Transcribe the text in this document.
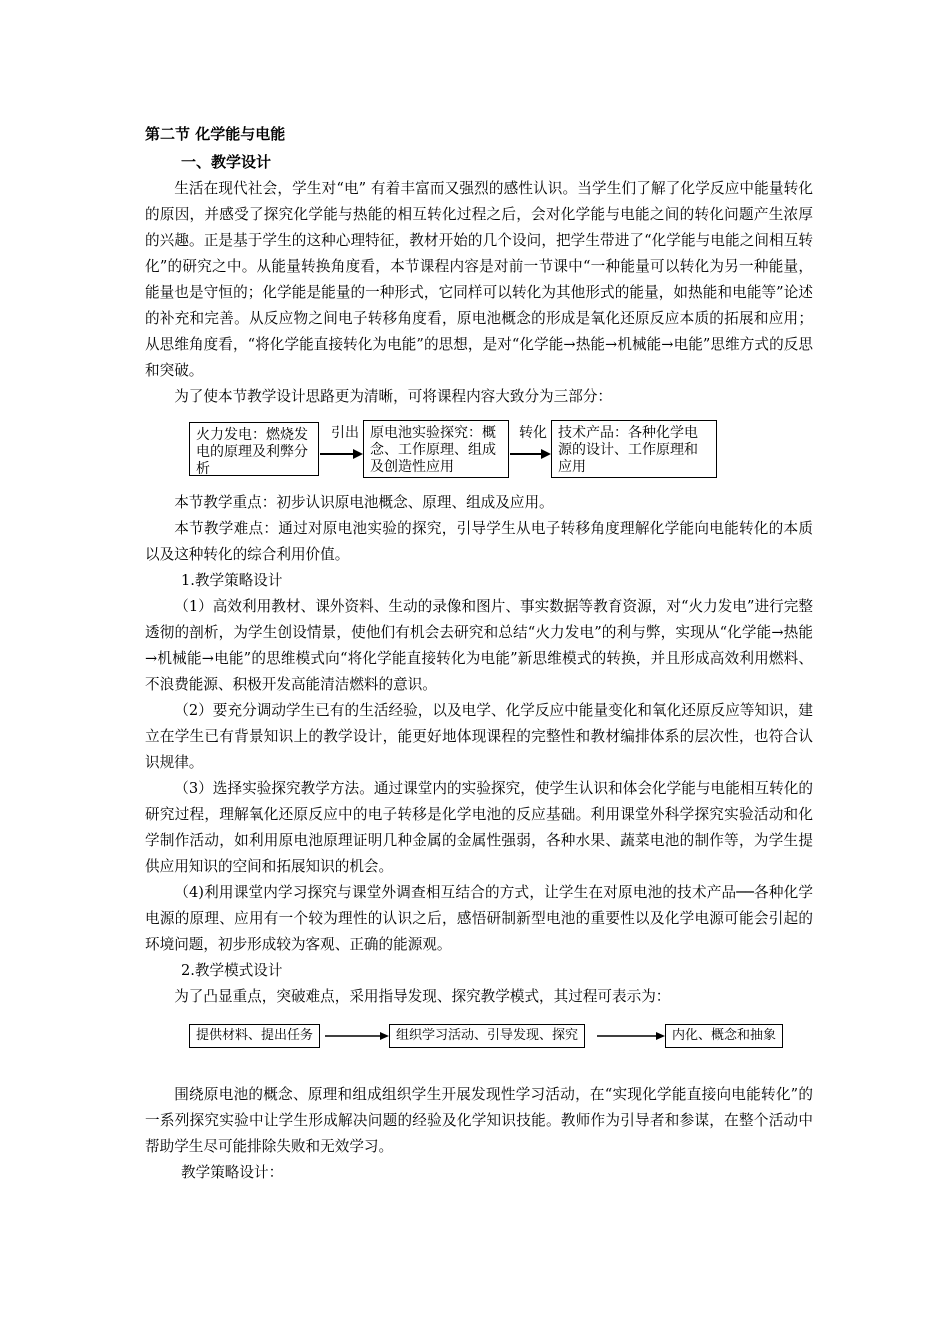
第二节 化学能与电能
一、教学设计

生活在现代社会，学生对“电” 有着丰富而又强烈的感性认识。当学生们了解了化学反应中能量转化的原因，并感受了探究化学能与热能的相互转化过程之后，会对化学能与电能之间的转化问题产生浓厚的兴趣。正是基于学生的这种心理特征，教材开始的几个设问，把学生带进了“化学能与电能之间相互转化”的研究之中。从能量转换角度看，本节课程内容是对前一节课中“一种能量可以转化为另一种能量，能量也是守恒的；化学能是能量的一种形式，它同样可以转化为其他形式的能量，如热能和电能等”论述的补充和完善。从反应物之间电子转移角度看，原电池概念的形成是氧化还原反应本质的拓展和应用；从思维角度看，“将化学能直接转化为电能”的思想，是对“化学能→热能→机械能→电能”思维方式的反思和突破。

为了使本节教学设计思路更为清晰，可将课程内容大致分为三部分：

火力发电：燃烧发电的原理及利弊分析
引出 原电池实验探究：概念、工作原理、组成及创造性应用
转化 技术产品：各种化学电源的设计、工作原理和应用

本节教学重点：初步认识原电池概念、原理、组成及应用。

本节教学难点：通过对原电池实验的探究，引导学生从电子转移角度理解化学能向电能转化的本质以及这种转化的综合利用价值。

1.教学策略设计

（1）高效利用教材、课外资料、生动的录像和图片、事实数据等教育资源，对“火力发电”进行完整透彻的剖析，为学生创设情景，使他们有机会去研究和总结“火力发电”的利与弊，实现从“化学能→热能→机械能→电能”的思维模式向“将化学能直接转化为电能”新思维模式的转换，并且形成高效利用燃料、不浪费能源、积极开发高能清洁燃料的意识。

（2）要充分调动学生已有的生活经验，以及电学、化学反应中能量变化和氧化还原反应等知识，建立在学生已有背景知识上的教学设计，能更好地体现课程的完整性和教材编排体系的层次性，也符合认识规律。

（3）选择实验探究教学方法。通过课堂内的实验探究，使学生认识和体会化学能与电能相互转化的研究过程，理解氧化还原反应中的电子转移是化学电池的反应基础。利用课堂外科学探究实验活动和化学制作活动，如利用原电池原理证明几种金属的金属性强弱，各种水果、蔬菜电池的制作等，为学生提供应用知识的空间和拓展知识的机会。

（4)利用课堂内学习探究与课堂外调查相互结合的方式，让学生在对原电池的技术产品──各种化学电源的原理、应用有一个较为理性的认识之后，感悟研制新型电池的重要性以及化学电源可能会引起的环境问题，初步形成较为客观、正确的能源观。

2.教学模式设计

为了凸显重点，突破难点，采用指导发现、探究教学模式，其过程可表示为：

提供材料、提出任务	组织学习活动、引导发现、探究	内化、概念和抽象

围绕原电池的概念、原理和组成组织学生开展发现性学习活动，在“实现化学能直接向电能转化”的一系列探究实验中让学生形成解决问题的经验及化学知识技能。教师作为引导者和参谋，在整个活动中帮助学生尽可能排除失败和无效学习。

教学策略设计：
